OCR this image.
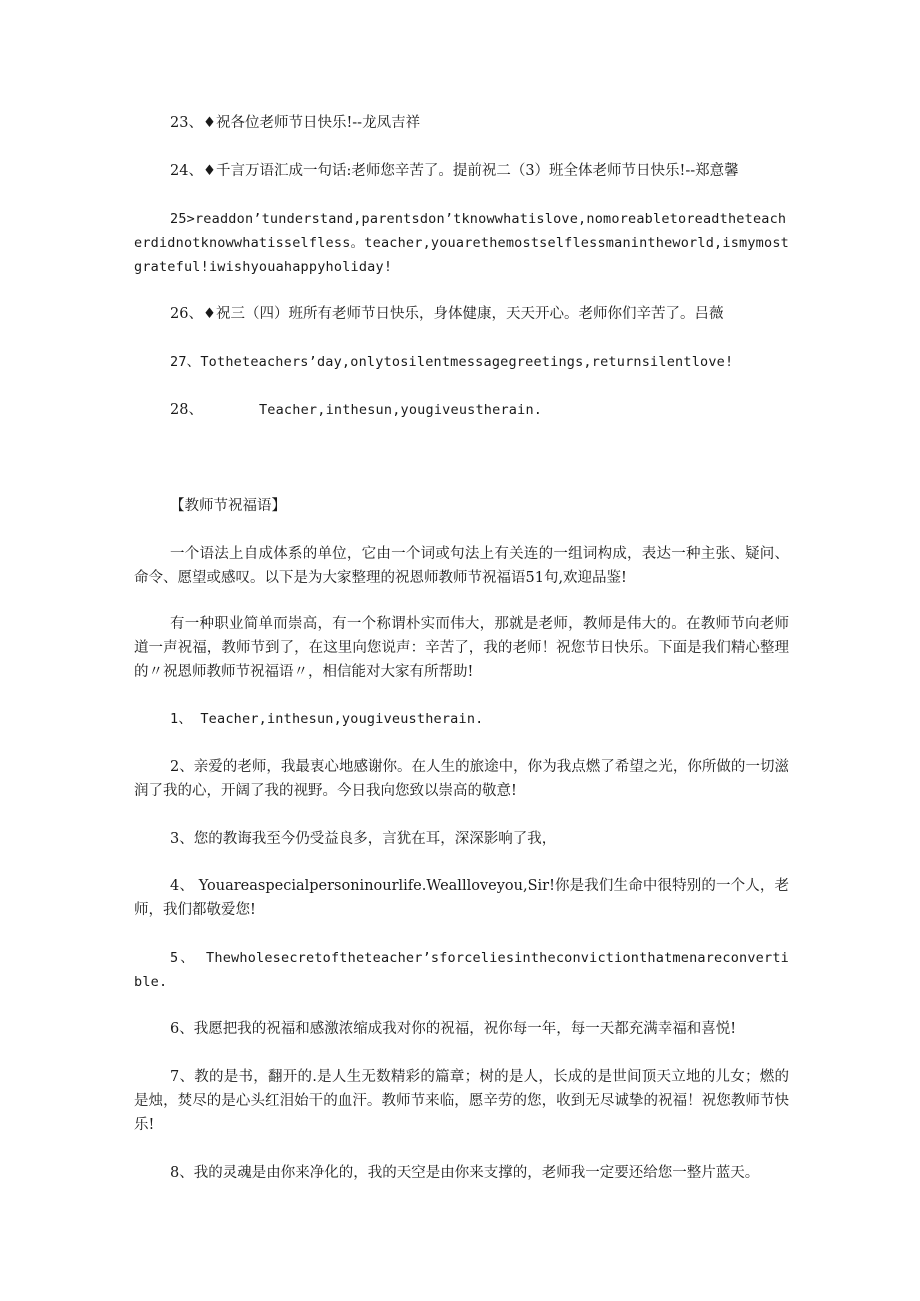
23、♦祝各位老师节日快乐!--龙凤吉祥

24、♦千言万语汇成一句话:老师您辛苦了。提前祝二（3）班全体老师节日快乐!--郑意馨

25>readdon’tunderstand,parentsdon’tknowwhatislove,nomoreabletoreadtheteacherdidnotknowwhatisselfless。teacher,youarethemostselflessmanintheworld,ismymostgrateful!iwishyouahappyholiday!

26、♦祝三（四）班所有老师节日快乐，身体健康，天天开心。老师你们辛苦了。吕薇

27、Totheteachers’day,onlytosilentmessagegreetings,returnsilentlove!

28、	Teacher,inthesun,yougiveustherain.

【教师节祝福语】

一个语法上自成体系的单位，它由一个词或句法上有关连的一组词构成，表达一种主张、疑问、命令、愿望或感叹。以下是为大家整理的祝恩师教师节祝福语51句,欢迎品鉴!

有一种职业简单而崇高，有一个称谓朴实而伟大，那就是老师，教师是伟大的。在教师节向老师道一声祝福，教师节到了，在这里向您说声：辛苦了，我的老师！祝您节日快乐。下面是我们精心整理的〃祝恩师教师节祝福语〃，相信能对大家有所帮助!

1、 Teacher,inthesun,yougiveustherain.

2、亲爱的老师，我最衷心地感谢你。在人生的旅途中，你为我点燃了希望之光，你所做的一切滋润了我的心，开阔了我的视野。今日我向您致以崇高的敬意!

3、您的教诲我至今仍受益良多，言犹在耳，深深影响了我，

4、 Youareaspecialpersoninourlife.Weallloveyou,Sir!你是我们生命中很特别的一个人，老师，我们都敬爱您!

5、 Thewholesecretoftheteacher’sforceliesintheconvictionthatmenareconvertible.

6、我愿把我的祝福和感激浓缩成我对你的祝福，祝你每一年，每一天都充满幸福和喜悦!

7、教的是书，翻开的.是人生无数精彩的篇章；树的是人，长成的是世间顶天立地的儿女；燃的是烛，焚尽的是心头红泪始干的血汗。教师节来临，愿辛劳的您，收到无尽诚挚的祝福！祝您教师节快乐!

8、我的灵魂是由你来净化的，我的天空是由你来支撑的，老师我一定要还给您一整片蓝天。
